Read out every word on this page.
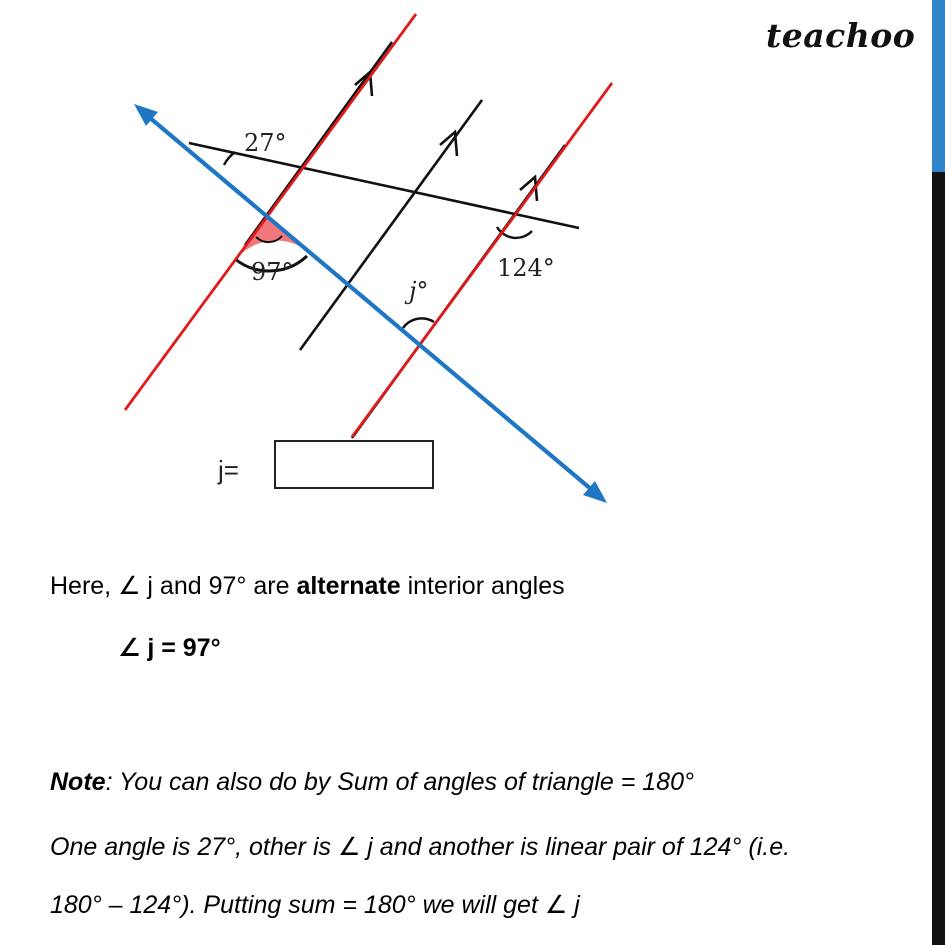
teachoo
27°
97°	124°
j°
j=
Here, ∠ j and 97° are alternate interior angles
∠ j = 97°
Note: You can also do by Sum of angles of triangle = 180°
One angle is 27°, other is ∠ j and another is linear pair of 124° (i.e.
180° – 124°). Putting sum = 180° we will get ∠ j
